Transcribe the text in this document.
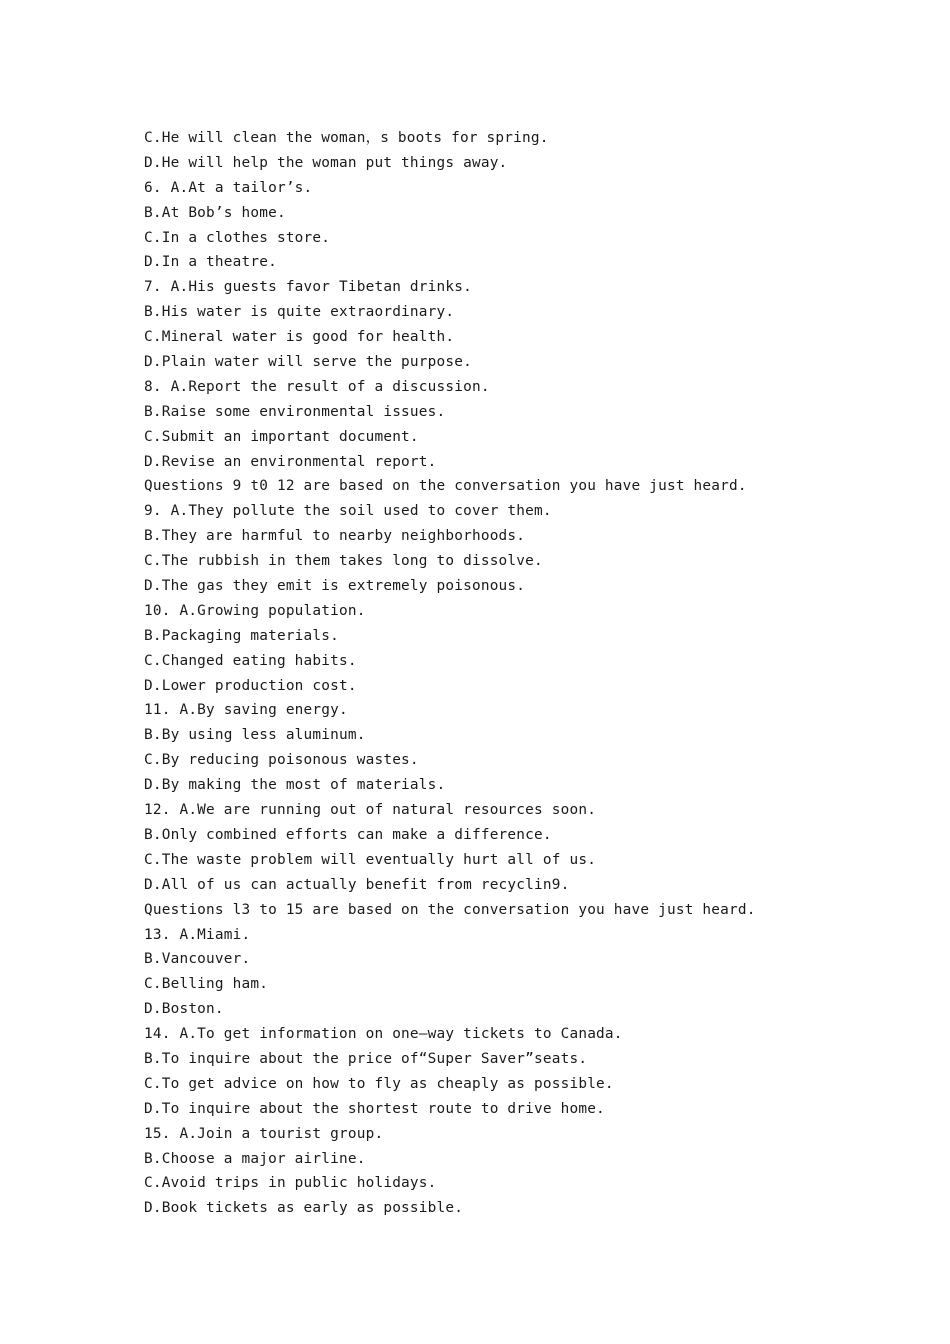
C.He will clean the woman，s boots for spring.
D.He will help the woman put things away.
6. A.At a tailor’s.
B.At Bob’s home.
C.In a clothes store.
D.In a theatre.
7. A.His guests favor Tibetan drinks.
B.His water is quite extraordinary.
C.Mineral water is good for health.
D.Plain water will serve the purpose.
8. A.Report the result of a discussion.
B.Raise some environmental issues.
C.Submit an important document.
D.Revise an environmental report.
Questions 9 t0 12 are based on the conversation you have just heard.
9. A.They pollute the soil used to cover them.
B.They are harmful to nearby neighborhoods.
C.The rubbish in them takes long to dissolve.
D.The gas they emit is extremely poisonous.
10. A.Growing population.
B.Packaging materials.
C.Changed eating habits.
D.Lower production cost.
11. A.By saving energy.
B.By using less aluminum.
C.By reducing poisonous wastes.
D.By making the most of materials.
12. A.We are running out of natural resources soon.
B.Only combined efforts can make a difference.
C.The waste problem will eventually hurt all of us.
D.All of us can actually benefit from recyclin9.
Questions l3 to 15 are based on the conversation you have just heard.
13. A.Miami.
B.Vancouver.
C.Belling ham.
D.Boston.
14. A.To get information on one—way tickets to Canada.
B.To inquire about the price of“Super Saver”seats.
C.To get advice on how to fly as cheaply as possible.
D.To inquire about the shortest route to drive home.
15. A.Join a tourist group.
B.Choose a major airline.
C.Avoid trips in public holidays.
D.Book tickets as early as possible.
